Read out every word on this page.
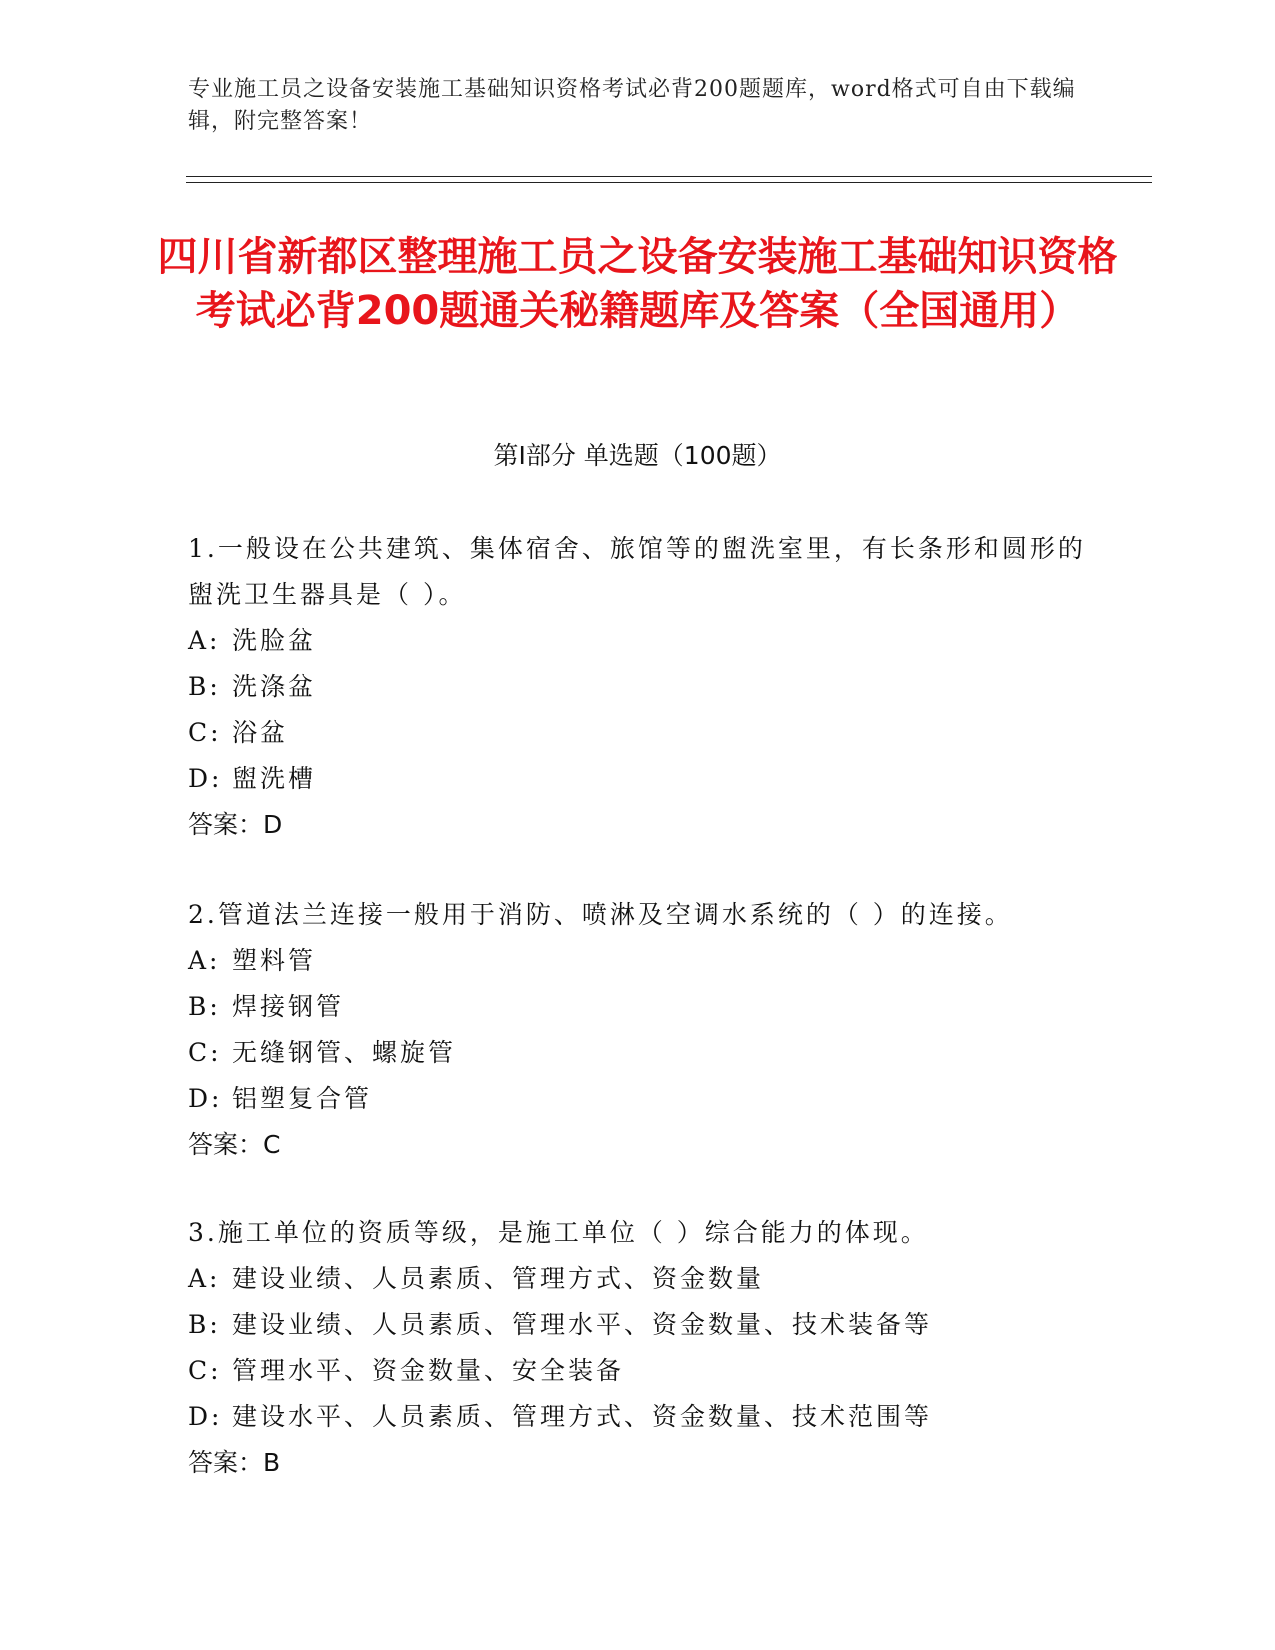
专业施工员之设备安装施工基础知识资格考试必背200题题库，word格式可自由下载编辑，附完整答案！
四川省新都区整理施工员之设备安装施工基础知识资格考试必背200题通关秘籍题库及答案（全国通用）
第Ⅰ部分 单选题（100题）

1.一般设在公共建筑、集体宿舍、旅馆等的盥洗室里，有长条形和圆形的盥洗卫生器具是（ ）。

A: 洗脸盆

B: 洗涤盆

C: 浴盆

D: 盥洗槽

答案：D

2.管道法兰连接一般用于消防、喷淋及空调水系统的（ ）的连接。

A: 塑料管

B: 焊接钢管

C: 无缝钢管、螺旋管

D: 铝塑复合管

答案：C

3.施工单位的资质等级，是施工单位（ ）综合能力的体现。

A: 建设业绩、人员素质、管理方式、资金数量

B: 建设业绩、人员素质、管理水平、资金数量、技术装备等

C: 管理水平、资金数量、安全装备

D: 建设水平、人员素质、管理方式、资金数量、技术范围等

答案：B
